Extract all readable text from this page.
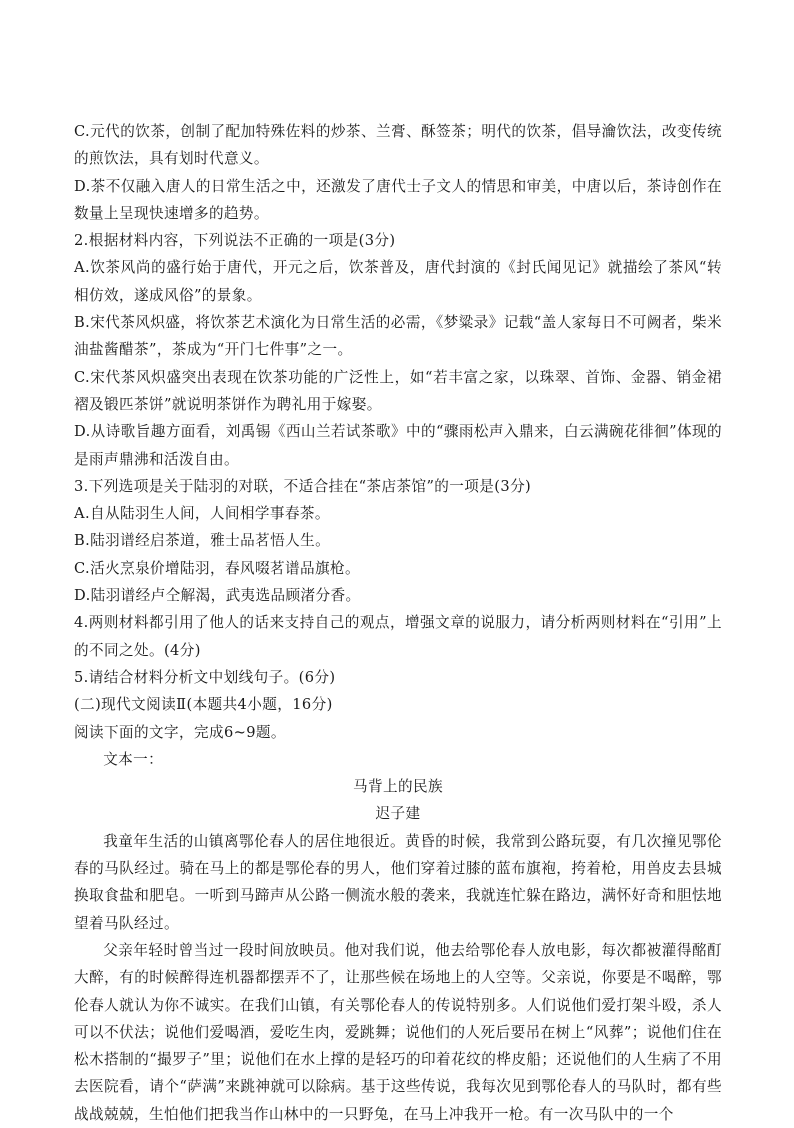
C.元代的饮茶，创制了配加特殊佐料的炒茶、兰膏、酥签茶；明代的饮茶，倡导瀹饮法，改变传统的煎饮法，具有划时代意义。

D.茶不仅融入唐人的日常生活之中，还激发了唐代士子文人的情思和审美，中唐以后，茶诗创作在数量上呈现快速增多的趋势。

2.根据材料内容，下列说法不正确的一项是(3分)

A.饮茶风尚的盛行始于唐代，开元之后，饮茶普及，唐代封演的《封氏闻见记》就描绘了茶风“转相仿效，遂成风俗”的景象。

B.宋代茶风炽盛，将饮茶艺术演化为日常生活的必需，《梦粱录》记载“盖人家每日不可阙者，柴米油盐酱醋茶”，茶成为“开门七件事”之一。

C.宋代茶风炽盛突出表现在饮茶功能的广泛性上，如“若丰富之家，以珠翠、首饰、金器、销金裙褶及锻匹茶饼”就说明茶饼作为聘礼用于嫁娶。

D.从诗歌旨趣方面看，刘禹锡《西山兰若试茶歌》中的“骤雨松声入鼎来，白云满碗花徘徊”体现的是雨声鼎沸和活泼自由。

3.下列选项是关于陆羽的对联，不适合挂在“茶店茶馆”的一项是(3分)

A.自从陆羽生人间，人间相学事春茶。

B.陆羽谱经启茶道，雅士品茗悟人生。

C.活火烹泉价增陆羽，春风啜茗谱品旗枪。

D.陆羽谱经卢仝解渴，武夷选品顾渚分香。

4.两则材料都引用了他人的话来支持自己的观点，增强文章的说服力，请分析两则材料在“引用”上的不同之处。(4分)

5.请结合材料分析文中划线句子。(6分)

(二)现代文阅读Ⅱ(本题共4小题，16分)

阅读下面的文字，完成6~9题。

文本一：

马背上的民族

迟子建

我童年生活的山镇离鄂伦春人的居住地很近。黄昏的时候，我常到公路玩耍，有几次撞见鄂伦春的马队经过。骑在马上的都是鄂伦春的男人，他们穿着过膝的蓝布旗袍，挎着枪，用兽皮去县城换取食盐和肥皂。一听到马蹄声从公路一侧流水般的袭来，我就连忙躲在路边，满怀好奇和胆怯地望着马队经过。

父亲年轻时曾当过一段时间放映员。他对我们说，他去给鄂伦春人放电影，每次都被灌得酩酊大醉，有的时候醉得连机器都摆弄不了，让那些候在场地上的人空等。父亲说，你要是不喝醉，鄂伦春人就认为你不诚实。在我们山镇，有关鄂伦春人的传说特别多。人们说他们爱打架斗殴，杀人可以不伏法；说他们爱喝酒，爱吃生肉，爱跳舞；说他们的人死后要吊在树上“风葬”；说他们住在松木搭制的“撮罗子”里；说他们在水上撑的是轻巧的印着花纹的桦皮船；还说他们的人生病了不用去医院看，请个“萨满”来跳神就可以除病。基于这些传说，我每次见到鄂伦春人的马队时，都有些战战兢兢，生怕他们把我当作山林中的一只野兔，在马上冲我开一枪。有一次马队中的一个
